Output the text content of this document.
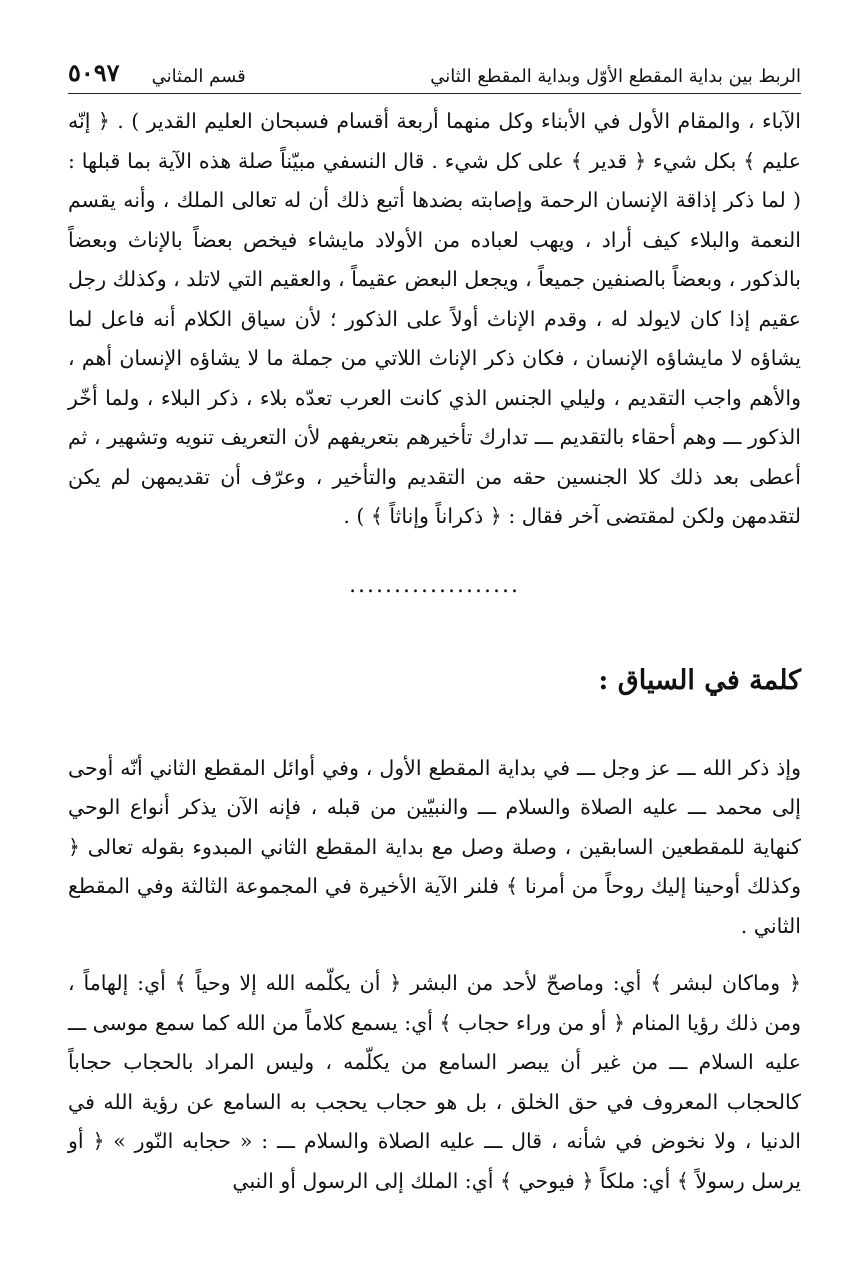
الربط بين بداية المقطع الأوّل وبداية المقطع الثاني
قسم المثاني
٥٠٩٧

الآباء ، والمقام الأول في الأبناء وكل منهما أربعة أقسام فسبحان العليم القدير ) . ﴿ إنّه عليم ﴾ بكل شيء ﴿ قدير ﴾ على كل شيء . قال النسفي مبيّناً صلة هذه الآية بما قبلها : ( لما ذكر إذاقة الإنسان الرحمة وإصابته بضدها أتبع ذلك أن له تعالى الملك ، وأنه يقسم النعمة والبلاء كيف أراد ، ويهب لعباده من الأولاد مايشاء فيخص بعضاً بالإناث وبعضاً بالذكور ، وبعضاً بالصنفين جميعاً ، ويجعل البعض عقيماً ، والعقيم التي لاتلد ، وكذلك رجل عقيم إذا كان لايولد له ، وقدم الإناث أولاً على الذكور ؛ لأن سياق الكلام أنه فاعل لما يشاؤه لا مايشاؤه الإنسان ، فكان ذكر الإناث اللاتي من جملة ما لا يشاؤه الإنسان أهم ، والأهم واجب التقديم ، وليلي الجنس الذي كانت العرب تعدّه بلاء ، ذكر البلاء ، ولما أخّر الذكور ـــ وهم أحقاء بالتقديم ـــ تدارك تأخيرهم بتعريفهم لأن التعريف تنويه وتشهير ، ثم أعطى بعد ذلك كلا الجنسين حقه من التقديم والتأخير ، وعرّف أن تقديمهن لم يكن لتقدمهن ولكن لمقتضى آخر فقال : ﴿ ذكراناً وإناثاً ﴾ ) .

...................
كلمة في السياق :

وإذ ذكر الله ـــ عز وجل ـــ في بداية المقطع الأول ، وفي أوائل المقطع الثاني أنّه أوحى إلى محمد ـــ عليه الصلاة والسلام ـــ والنبيّين من قبله ، فإنه الآن يذكر أنواع الوحي كنهاية للمقطعين السابقين ، وصلة وصل مع بداية المقطع الثاني المبدوء بقوله تعالى ﴿ وكذلك أوحينا إليك روحاً من أمرنا ﴾ فلنر الآية الأخيرة في المجموعة الثالثة وفي المقطع الثاني .

﴿ وماكان لبشر ﴾ أي: وماصحّ لأحد من البشر ﴿ أن يكلّمه الله إلا وحياً ﴾ أي: إلهاماً ، ومن ذلك رؤيا المنام ﴿ أو من وراء حجاب ﴾ أي: يسمع كلاماً من الله كما سمع موسى ـــ عليه السلام ـــ من غير أن يبصر السامع من يكلّمه ، وليس المراد بالحجاب حجاباً كالحجاب المعروف في حق الخلق ، بل هو حجاب يحجب به السامع عن رؤية الله في الدنيا ، ولا نخوض في شأنه ، قال ـــ عليه الصلاة والسلام ـــ : « حجابه النّور » ﴿ أو يرسل رسولاً ﴾ أي: ملكاً ﴿ فيوحي ﴾ أي: الملك إلى الرسول أو النبي
